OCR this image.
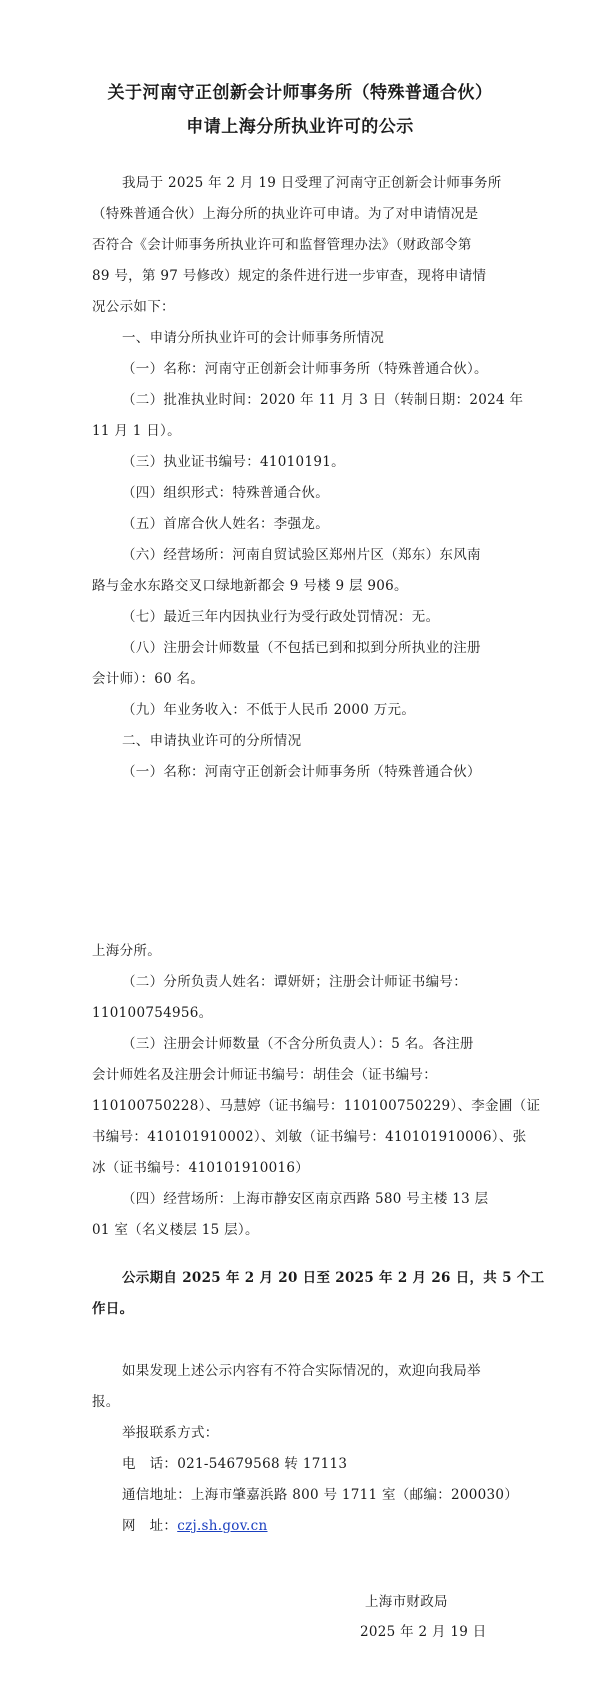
关于河南守正创新会计师事务所（特殊普通合伙）
申请上海分所执业许可的公示
我局于 2025 年 2 月 19 日受理了河南守正创新会计师事务所
（特殊普通合伙）上海分所的执业许可申请。为了对申请情况是
否符合《会计师事务所执业许可和监督管理办法》（财政部令第
89 号，第 97 号修改）规定的条件进行进一步审查，现将申请情
况公示如下：
一、申请分所执业许可的会计师事务所情况
（一）名称：河南守正创新会计师事务所（特殊普通合伙）。
（二）批准执业时间：2020 年 11 月 3 日（转制日期：2024 年
11 月 1 日）。
（三）执业证书编号：41010191。
（四）组织形式：特殊普通合伙。
（五）首席合伙人姓名：李强龙。
（六）经营场所：河南自贸试验区郑州片区（郑东）东风南
路与金水东路交叉口绿地新都会 9 号楼 9 层 906。
（七）最近三年内因执业行为受行政处罚情况：无。
（八）注册会计师数量（不包括已到和拟到分所执业的注册
会计师）：60 名。
（九）年业务收入：不低于人民币 2000 万元。
二、申请执业许可的分所情况
（一）名称：河南守正创新会计师事务所（特殊普通合伙）
上海分所。
（二）分所负责人姓名：谭妍妍；注册会计师证书编号：
110100754956。
（三）注册会计师数量（不含分所负责人）：5 名。各注册
会计师姓名及注册会计师证书编号：胡佳会（证书编号：
110100750228）、马慧婷（证书编号：110100750229）、李金圃（证
书编号：410101910002）、刘敏（证书编号：410101910006）、张
冰（证书编号：410101910016）
（四）经营场所：上海市静安区南京西路 580 号主楼 13 层
01 室（名义楼层 15 层）。
公示期自 2025 年 2 月 20 日至 2025 年 2 月 26 日，共 5 个工
作日。
如果发现上述公示内容有不符合实际情况的，欢迎向我局举
报。
举报联系方式：
电　话：021-54679568 转 17113
通信地址：上海市肇嘉浜路 800 号 1711 室（邮编：200030）
网　址：czj.sh.gov.cn
上海市财政局
2025 年 2 月 19 日
